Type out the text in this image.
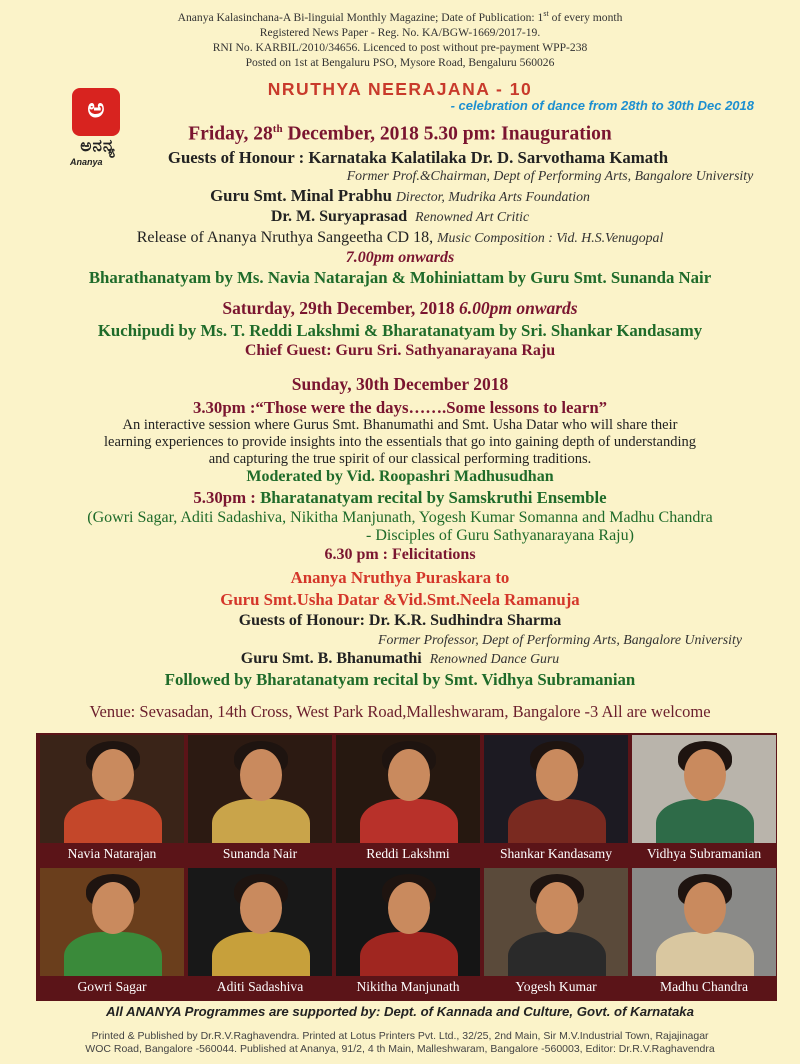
Ananya Kalasinchana-A Bi-linguial Monthly Magazine; Date of Publication: 1st of every month
Registered News Paper - Reg. No. KA/BGW-1669/2017-19.
RNI No. KARBIL/2010/34656. Licenced to post without pre-payment WPP-238
Posted on 1st at Bengaluru PSO, Mysore Road, Bengaluru 560026
ಅ
ಅನನ್ಯ
Ananya
NRUTHYA NEERAJANA - 10
- celebration of dance from 28th to 30th Dec 2018
Friday, 28th December, 2018 5.30 pm: Inauguration
Guests of Honour : Karnataka Kalatilaka Dr. D. Sarvothama Kamath
Former Prof.&Chairman, Dept of Performing Arts, Bangalore University
Guru Smt. Minal Prabhu Director, Mudrika Arts Foundation
Dr. M. Suryaprasad Renowned Art Critic
Release of Ananya Nruthya Sangeetha CD 18, Music Composition : Vid. H.S.Venugopal
7.00pm onwards
Bharathanatyam by Ms. Navia Natarajan & Mohiniattam by Guru Smt. Sunanda Nair
Saturday, 29th December, 2018 6.00pm onwards
Kuchipudi by Ms. T. Reddi Lakshmi & Bharatanatyam by Sri. Shankar Kandasamy
Chief Guest: Guru Sri. Sathyanarayana Raju
Sunday, 30th December 2018
3.30pm :“Those were the days…….Some lessons to learn”
An interactive session where Gurus Smt. Bhanumathi and Smt. Usha Datar who will share their
learning experiences to provide insights into the essentials that go into gaining depth of understanding
and capturing the true spirit of our classical performing traditions.
Moderated by Vid. Roopashri Madhusudhan
5.30pm : Bharatanatyam recital by Samskruthi Ensemble
(Gowri Sagar, Aditi Sadashiva, Nikitha Manjunath, Yogesh Kumar Somanna and Madhu Chandra
- Disciples of Guru Sathyanarayana Raju)
6.30 pm : Felicitations
Ananya Nruthya Puraskara to
Guru Smt.Usha Datar &Vid.Smt.Neela Ramanuja
Guests of Honour: Dr. K.R. Sudhindra Sharma
Former Professor, Dept of Performing Arts, Bangalore University
Guru Smt. B. Bhanumathi Renowned Dance Guru
Followed by Bharatanatyam recital by Smt. Vidhya Subramanian
Venue: Sevasadan, 14th Cross, West Park Road,Malleshwaram, Bangalore -3 All are welcome
Navia Natarajan	Sunanda Nair	Reddi Lakshmi	Shankar Kandasamy	Vidhya Subramanian
Gowri Sagar	Aditi Sadashiva	Nikitha Manjunath	Yogesh Kumar	Madhu Chandra
All ANANYA Programmes are supported by: Dept. of Kannada and Culture, Govt. of Karnataka
Printed & Published by Dr.R.V.Raghavendra. Printed at Lotus Printers Pvt. Ltd., 32/25, 2nd Main, Sir M.V.Industrial Town, Rajajinagar
WOC Road, Bangalore -560044. Published at Ananya, 91/2, 4 th Main, Malleshwaram, Bangalore -560003, Editor: Dr.R.V.Raghavendra
